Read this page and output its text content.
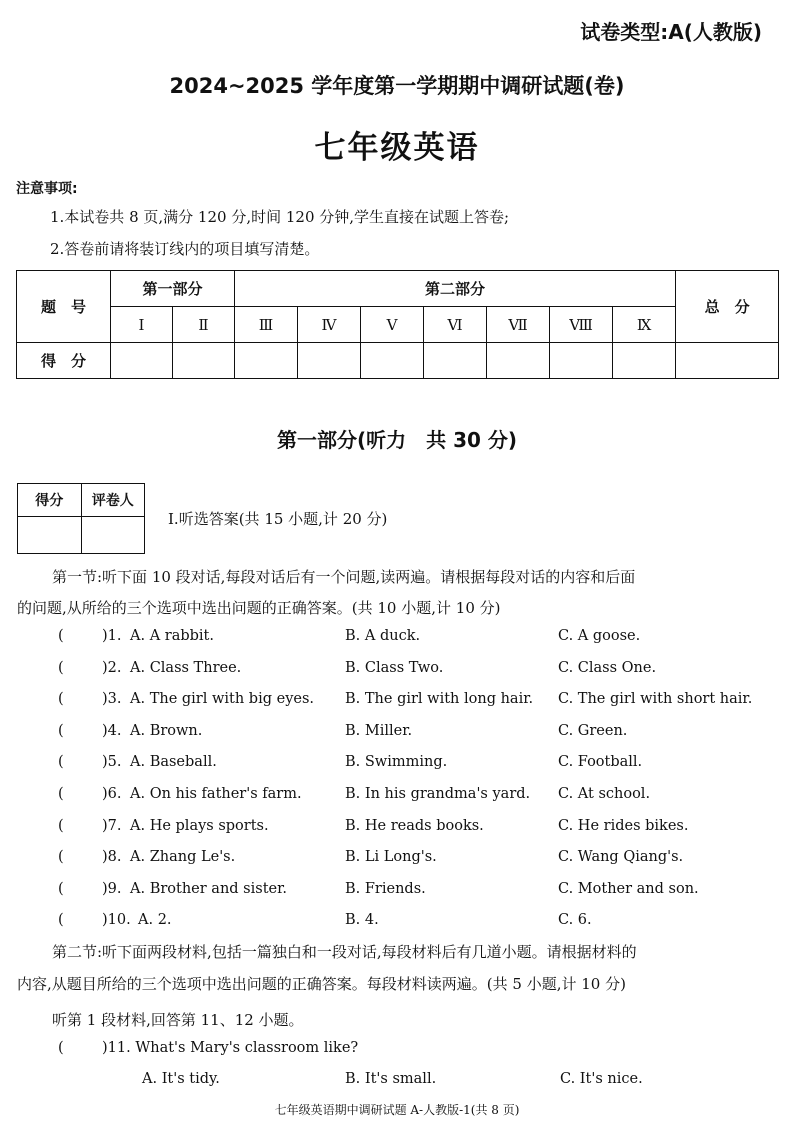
试卷类型:A(人教版)
2024~2025 学年度第一学期期中调研试题(卷)
七年级英语
注意事项:
1.本试卷共 8 页,满分 120 分,时间 120 分钟,学生直接在试题上答卷;
2.答卷前请将装订线内的项目填写清楚。
题　号	第一部分		第二部分							总　分
	Ⅰ	Ⅱ	Ⅲ	Ⅳ	Ⅴ	Ⅵ	Ⅶ	Ⅷ	Ⅸ	
得　分										
第一部分(听力　共 30 分)
得分	评卷人

Ⅰ.听选答案(共 15 小题,计 20 分)
第一节:听下面 10 段对话,每段对话后有一个问题,读两遍。请根据每段对话的内容和后面
的问题,从所给的三个选项中选出问题的正确答案。(共 10 小题,计 10 分)
(	)1. A. A rabbit.	B. A duck.	C. A goose.
(	)2. A. Class Three.	B. Class Two.	C. Class One.
(	)3. A. The girl with big eyes. B. The girl with long hair. C. The girl with short hair.
(	)4. A. Brown.	B. Miller.	C. Green.
(	)5. A. Baseball.	B. Swimming.	C. Football.
(	)6. A. On his father's farm.	B. In his grandma's yard. C. At school.
(	)7. A. He plays sports.	B. He reads books.	C. He rides bikes.
(	)8. A. Zhang Le's.	B. Li Long's.	C. Wang Qiang's.
(	)9. A. Brother and sister.	B. Friends.	C. Mother and son.
(	)10. A. 2.	B. 4.	C. 6.
第二节:听下面两段材料,包括一篇独白和一段对话,每段材料后有几道小题。请根据材料的
内容,从题目所给的三个选项中选出问题的正确答案。每段材料读两遍。(共 5 小题,计 10 分)
听第 1 段材料,回答第 11、12 小题。
(	)11. What's Mary's classroom like?
A. It's tidy.	B. It's small.	C. It's nice.
七年级英语期中调研试题 A-人教版-1(共 8 页)
